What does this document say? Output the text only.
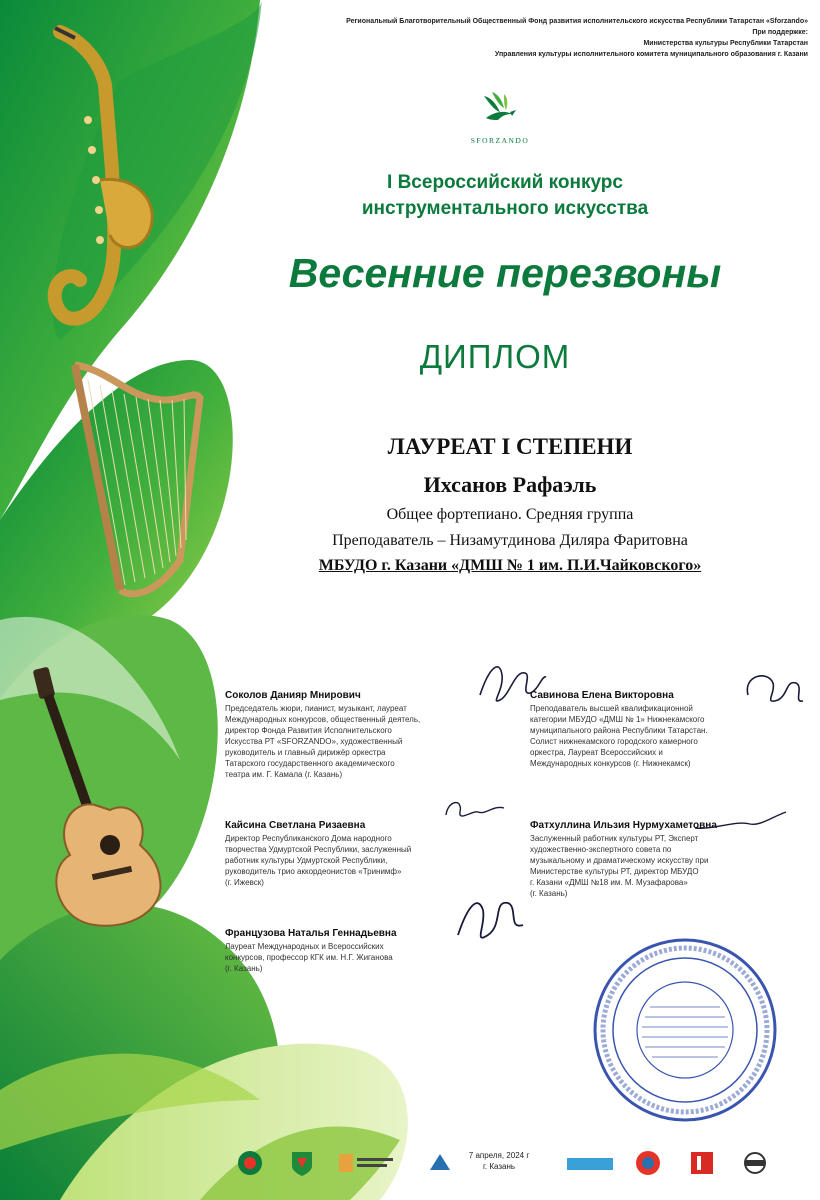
Региональный Благотворительный Общественный Фонд развития исполнительского искусства Республики Татарстан «Sforzando»
При поддержке:
Министерства культуры Республики Татарстан
Управления культуры исполнительного комитета муниципального образования г. Казани
SFORZANDO
I Всероссийский конкурс
инструментального искусства
Весенние перезвоны
ДИПЛОМ
ЛАУРЕАТ I СТЕПЕНИ
Ихсанов Рафаэль
Общее фортепиано. Средняя группа
Преподаватель – Низамутдинова Диляра Фаритовна
МБУДО г. Казани «ДМШ № 1 им. П.И.Чайковского»
Соколов Данияр Мнирович
Председатель жюри, пианист, музыкант, лауреат
Международных конкурсов, общественный деятель,
директор Фонда Развития Исполнительского
Искусства РТ «SFORZANDO», художественный
руководитель и главный дирижёр оркестра
Татарского государственного академического
театра им. Г. Камала (г. Казань)
Савинова Елена Викторовна
Преподаватель высшей квалификационной
категории МБУДО «ДМШ № 1» Нижнекамского
муниципального района Республики Татарстан.
Солист нижнекамского городского камерного
оркестра, Лауреат Всероссийских и
Международных конкурсов (г. Нижнекамск)
Кайсина Светлана Ризаевна
Директор Республиканского Дома народного
творчества Удмуртской Республики, заслуженный
работник культуры Удмуртской Республики,
руководитель трио аккордеонистов «Тринимф»
(г. Ижевск)
Фатхуллина Ильзия Нурмухаметовна
Заслуженный работник культуры РТ, Эксперт
художественно-экспертного совета по
музыкальному и драматическому искусству при
Министерстве культуры РТ, директор МБУДО
г. Казани «ДМШ №18 им. М. Музафарова»
(г. Казань)
Французова Наталья Геннадьевна
Лауреат Международных и Всероссийских
конкурсов, профессор КГК им. Н.Г. Жиганова
(г. Казань)
7 апреля, 2024 г
г. Казань
